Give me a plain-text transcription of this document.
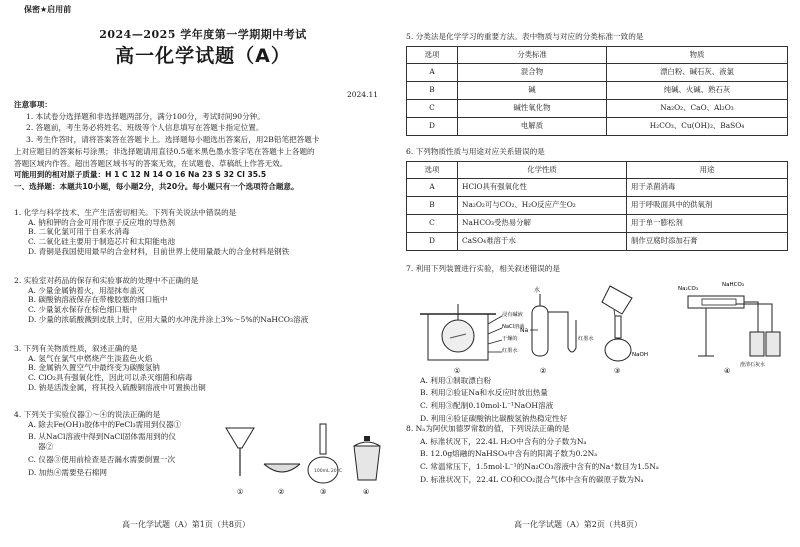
保密★启用前
2024—2025 学年度第一学期期中考试
高一化学试题（A）
2024.11
注意事项：
1. 本试卷分选择题和非选择题两部分，满分100分，考试时间90分钟。
2. 答题前，考生务必将姓名、班级等个人信息填写在答题卡指定位置。
3. 考生作答时，请将答案答在答题卡上。选择题每小题选出答案后，用2B铅笔把答题卡
上对应题目的答案标号涂黑；非选择题请用直径0.5毫米黑色墨水签字笔在答题卡上各题的
答题区域内作答。超出答题区域书写的答案无效，在试题卷、草稿纸上作答无效。
可能用到的相对原子质量：H 1 C 12 N 14 O 16 Na 23 S 32 Cl 35.5
一、选择题：本题共10小题，每小题2分，共20分。每小题只有一个选项符合题意。
1. 化学与科学技术、生产生活密切相关。下列有关说法中错误的是
A. 钠和钾的合金可用作原子反应堆的导热剂
B. 二氧化氯可用于自来水消毒
C. 二氧化硅主要用于制造芯片和太阳能电池
D. 青铜是我国使用最早的合金材料，目前世界上使用量最大的合金材料是钢铁
2. 实验室对药品的保存和实验事故的处理中不正确的是
A. 少量金属钠着火，用湿抹布盖灭
B. 碳酸钠溶液保存在带橡胶塞的细口瓶中
C. 少量氯水保存在棕色细口瓶中
D. 少量的浓硫酸溅到皮肤上时，应用大量的水冲洗并涂上3%～5%的NaHCO₃溶液
3. 下列有关物质性质，叙述正确的是
A. 氢气在氯气中燃烧产生淡蓝色火焰
B. 金属钠久置空气中最终变为碳酸氢钠
C. ClO₂具有强氧化性，因此可以杀灭细菌和病毒
D. 钠是活泼金属，将其投入硫酸铜溶液中可置换出铜
4. 下列关于实验仪器①～④的说法正确的是
A. 除去Fe(OH)₃胶体中的FeCl₃需用到仪器①
B. 从NaCl溶液中得到NaCl固体需用到的仪
器②
C. 仪器③使用前检查是否漏水需要倒置一次
D. 加热④需要垫石棉网	100mL 20°C
①	②	③	④
高一化学试题（A）第1页（共8页）
5. 分类法是化学学习的重要方法。表中物质与对应的分类标准一致的是
选项	分类标准	物质
A	混合物	漂白粉、碱石灰、液氯
B	碱	纯碱、火碱、熟石灰
C	碱性氧化物	Na₂O₂、CaO、Al₂O₃
D	电解质	H₂CO₃、Cu(OH)₂、BaSO₄
6. 下列物质性质与用途对应关系错误的是
选项	化学性质	用途
A	HClO具有强氧化性	用于杀菌消毒
B	Na₂O₂可与CO₂、H₂O反应产生O₂	用于呼吸面具中的供氧剂
C	NaHCO₃受热易分解	用于单一膨松剂
D	CaSO₄难溶于水	制作豆腐时添加石膏
7. 利用下列装置进行实验，相关叙述错误的是
浸有碱液
NaCl溶液
干燥的
红墨水
①
水
Na
红墨水
②
NaOH
③
Na₂CO₃
NaHCO₃
澄清石灰水
④
A. 利用①制取漂白粉
B. 利用②验证Na和水反应时放出热量
C. 利用③配制0.10mol·L⁻¹NaOH溶液
D. 利用④验证碳酸钠比碳酸氢钠热稳定性好
8. Nₐ为阿伏加德罗常数的值，下列说法正确的是
A. 标准状况下，22.4L H₂O中含有的分子数为Nₐ
B. 12.0g熔融的NaHSO₄中含有的阳离子数为0.2Nₐ
C. 常温常压下，1.5mol·L⁻¹的Na₂CO₃溶液中含有的Na⁺数目为1.5Nₐ
D. 标准状况下，22.4L CO和CO₂混合气体中含有的碳原子数为Nₐ
高一化学试题（A）第2页（共8页）
